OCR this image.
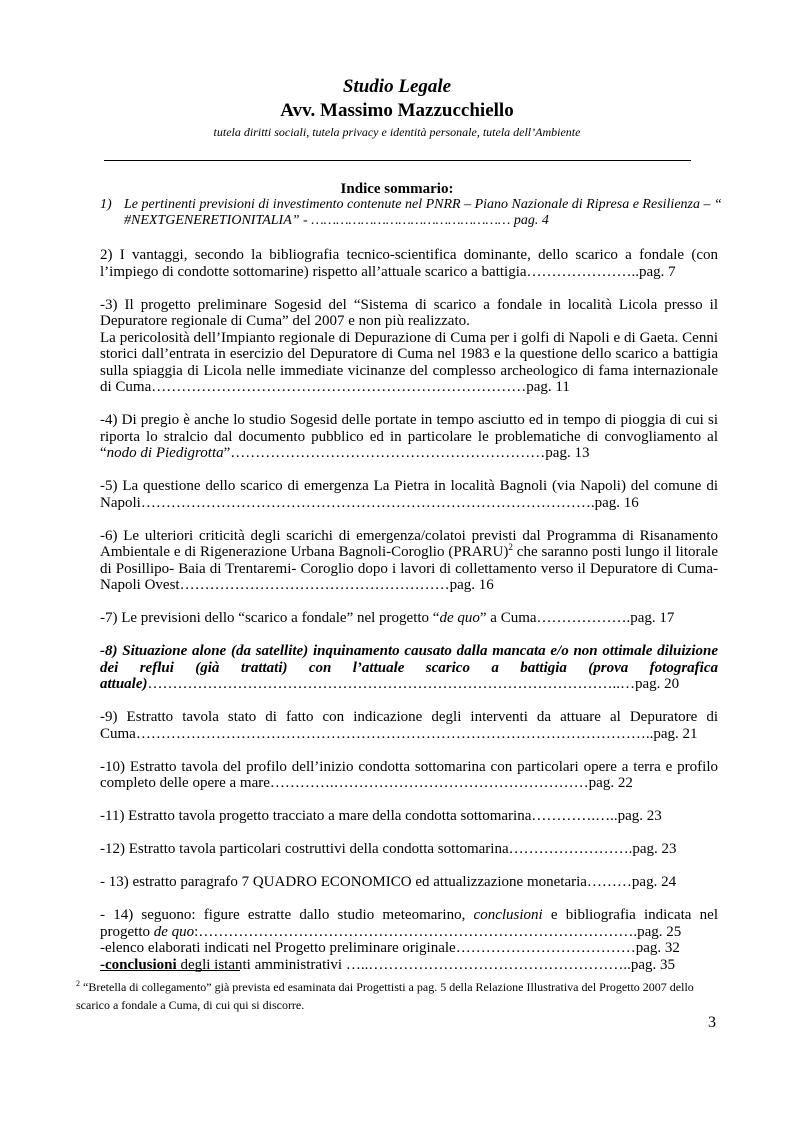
Studio Legale
Avv. Massimo Mazzucchiello
tutela diritti sociali, tutela privacy e identità personale, tutela dell’Ambiente
Indice sommario:
1) Le pertinenti previsioni di investimento contenute nel PNRR – Piano Nazionale di Ripresa e Resilienza – “ #NEXTGENERETIONITALIA” - ………………………………………… pag. 4

2) I vantaggi, secondo la bibliografia tecnico-scientifica dominante, dello scarico a fondale (con l’impiego di condotte sottomarine) rispetto all’attuale scarico a battigia…………………..pag. 7

-3) Il progetto preliminare Sogesid del “Sistema di scarico a fondale in località Licola presso il Depuratore regionale di Cuma” del 2007 e non più realizzato.
La pericolosità dell’Impianto regionale di Depurazione di Cuma per i golfi di Napoli e di Gaeta. Cenni storici dall’entrata in esercizio del Depuratore di Cuma nel 1983 e la questione dello scarico a battigia sulla spiaggia di Licola nelle immediate vicinanze del complesso archeologico di fama internazionale di Cuma…………………………………………………………………pag. 11

-4) Di pregio è anche lo studio Sogesid delle portate in tempo asciutto ed in tempo di pioggia di cui si riporta lo stralcio dal documento pubblico ed in particolare le problematiche di convogliamento al “nodo di Piedigrotta”………………………………………………………pag. 13

-5) La questione dello scarico di emergenza La Pietra in località Bagnoli (via Napoli) del comune di Napoli……………………………………………………………………………….pag. 16

-6) Le ulteriori criticità degli scarichi di emergenza/colatoi previsti dal Programma di Risanamento Ambientale e di Rigenerazione Urbana Bagnoli-Coroglio (PRARU)$^2$ che saranno posti lungo il litorale di Posillipo- Baia di Trentaremi- Coroglio dopo i lavori di collettamento verso il Depuratore di Cuma-Napoli Ovest………………………………………………pag. 16

-7) Le previsioni dello “scarico a fondale” nel progetto “de quo” a Cuma……………….pag. 17

-8) Situazione alone (da satellite) inquinamento causato dalla mancata e/o non ottimale diluizione dei reflui (già trattati) con l’attuale scarico a battigia (prova fotografica attuale)…………………………………………………………………………………..…pag. 20

-9) Estratto tavola stato di fatto con indicazione degli interventi da attuare al Depuratore di Cuma…………………………………………………………………………………………..pag. 21

-10) Estratto tavola del profilo dell’inizio condotta sottomarina con particolari opere a terra e profilo completo delle opere a mare………….……………………………………………pag. 22

-11) Estratto tavola progetto tracciato a mare della condotta sottomarina………….…..pag. 23

-12) Estratto tavola particolari costruttivi della condotta sottomarina…………………….pag. 23

- 13) estratto paragrafo 7 QUADRO ECONOMICO ed attualizzazione monetaria………pag. 24

- 14) seguono: figure estratte dallo studio meteomarino, conclusioni e bibliografia indicata nel progetto de quo:…………………………………………………………………………….pag. 25
-elenco elaborati indicati nel Progetto preliminare originale………………………………pag. 32
-conclusioni degli istanti amministrativi …..……………………………………………..pag. 35

$^2$ “Bretella di collegamento” già prevista ed esaminata dai Progettisti a pag. 5 della Relazione Illustrativa del Progetto 2007 dello scarico a fondale a Cuma, di cui qui si discorre.
3
